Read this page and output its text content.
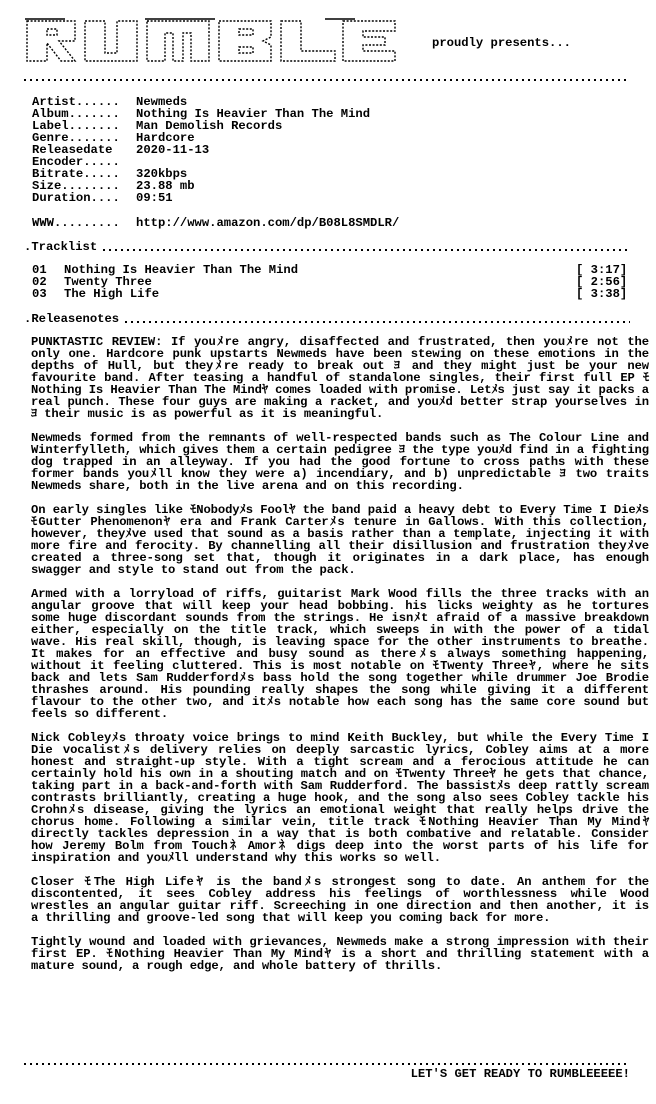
proudly presents...
Artist......	Newmeds
Album.......	Nothing Is Heavier Than The Mind
Label.......	Man Demolish Records
Genre.......	Hardcore
Releasedate	2020-11-13
Encoder.....
Bitrate.....	320kbps
Size........	23.88 mb
Duration....	09:51
WWW.........	http://www.amazon.com/dp/B08L8SMDLR/
.Tracklist
01	Nothing Is Heavier Than The Mind	[ 3:17]
02	Twenty Three	[ 2:56]
03	The High Life	[ 3:38]
.Releasenotes

PUNKTASTIC REVIEW: If youﾒre angry, disaffected and frustrated, then youﾒre not the only one. Hardcore punk upstarts Newmeds have been stewing on these emotions in the depths of Hull, but theyﾒre ready to break out ﾖ and they might just be your new favourite band. After teasing a handful of standalone singles, their first full EP ﾓNothing Is Heavier Than The Mindﾔ comes loaded with promise. Letﾒs just say it packs a real punch. These four guys are making a racket, and youﾒd better strap yourselves in ﾖ their music is as powerful as it is meaningful.

Newmeds formed from the remnants of well-respected bands such as The Colour Line and Winterfylleth, which gives them a certain pedigree ﾖ the type youﾒd find in a fighting dog trapped in an alleyway. If you had the good fortune to cross paths with these former bands youﾒll know they were a) incendiary, and b) unpredictable ﾖ two traits Newmeds share, both in the live arena and on this recording.

On early singles like ﾓNobodyﾒs Foolﾔ the band paid a heavy debt to Every Time I Dieﾒs ﾓGutter Phenomenonﾔ era and Frank Carterﾒs tenure in Gallows. With this collection, however, theyﾒve used that sound as a basis rather than a template, injecting it with more fire and ferocity. By channelling all their disillusion and frustration theyﾒve created a three-song set that, though it originates in a dark place, has enough swagger and style to stand out from the pack.

Armed with a lorryload of riffs, guitarist Mark Wood fills the three tracks with an angular groove that will keep your head bobbing. his licks weighty as he tortures some huge discordant sounds from the strings. He isnﾒt afraid of a massive breakdown either, especially on the title track, which sweeps in with the power of a tidal wave. His real skill, though, is leaving space for the other instruments to breathe. It makes for an effective and busy sound as thereﾒs always something happening, without it feeling cluttered. This is most notable on ﾓTwenty Threeﾔ, where he sits back and lets Sam Rudderfordﾒs bass hold the song together while drummer Joe Brodie thrashes around. His pounding really shapes the song while giving it a different flavour to the other two, and itﾒs notable how each song has the same core sound but feels so different.

Nick Cobleyﾒs throaty voice brings to mind Keith Buckley, but while the Every Time I Die vocalistﾒs delivery relies on deeply sarcastic lyrics, Cobley aims at a more honest and straight-up style. With a tight scream and a ferocious attitude he can certainly hold his own in a shouting match and on ﾓTwenty Threeﾔ he gets that chance, taking part in a back-and-forth with Sam Rudderford. The bassistﾒs deep rattly scream contrasts brilliantly, creating a huge hook, and the song also sees Cobley tackle his Crohnﾒs disease, giving the lyrics an emotional weight that really helps drive the chorus home. Following a similar vein, title track ﾓNothing Heavier Than My Mindﾔ directly tackles depression in a way that is both combative and relatable. Consider how Jeremy Bolm from Touchﾈ Amorﾈ digs deep into the worst parts of his life for inspiration and youﾒll understand why this works so well.

Closer ﾓThe High Lifeﾔ is the bandﾒs strongest song to date. An anthem for the discontented, it sees Cobley address his feelings of worthlessness while Wood wrestles an angular guitar riff. Screeching in one direction and then another, it is a thrilling and groove-led song that will keep you coming back for more.

Tightly wound and loaded with grievances, Newmeds make a strong impression with their first EP. ﾓNothing Heavier Than My Mindﾔ is a short and thrilling statement with a mature sound, a rough edge, and whole battery of thrills.

LET'S GET READY TO RUMBLEEEEE!
